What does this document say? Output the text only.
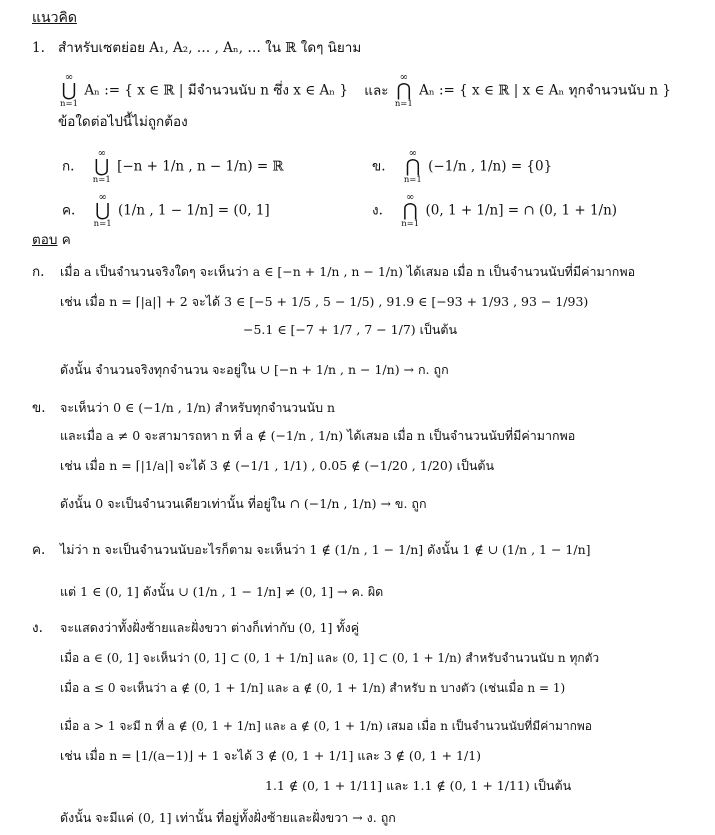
แนวคิด
1. สำหรับเซตย่อย A₁, A₂, … , Aₙ, … ใน ℝ ใดๆ นิยาม
∞
⋃
n=1
Aₙ := { x ∈ ℝ | มีจำนวนนับ n ซึ่ง x ∈ Aₙ } และ
∞
⋂
n=1
Aₙ := { x ∈ ℝ | x ∈ Aₙ ทุกจำนวนนับ n }
ข้อใดต่อไปนี้ไม่ถูกต้อง
ก.
∞
⋃
n=1
[−n + 1/n , n − 1/n) = ℝ	ข.
∞
⋂
n=1
(−1/n , 1/n) = {0}
ค.
∞
⋃
n=1
(1/n , 1 − 1/n] = (0, 1]	ง.
∞
⋂
n=1
(0, 1 + 1/n] = ∩ (0, 1 + 1/n)
ตอบ ค
ก. เมื่อ a เป็นจำนวนจริงใดๆ จะเห็นว่า a ∈ [−n + 1/n , n − 1/n) ได้เสมอ เมื่อ n เป็นจำนวนนับที่มีค่ามากพอ
เช่น เมื่อ n = ⌈|a|⌉ + 2 จะได้ 3 ∈ [−5 + 1/5 , 5 − 1/5) , 91.9 ∈ [−93 + 1/93 , 93 − 1/93)
−5.1 ∈ [−7 + 1/7 , 7 − 1/7) เป็นต้น
ดังนั้น จำนวนจริงทุกจำนวน จะอยู่ใน ∪ [−n + 1/n , n − 1/n) → ก. ถูก
ข. จะเห็นว่า 0 ∈ (−1/n , 1/n) สำหรับทุกจำนวนนับ n
และเมื่อ a ≠ 0 จะสามารถหา n ที่ a ∉ (−1/n , 1/n) ได้เสมอ เมื่อ n เป็นจำนวนนับที่มีค่ามากพอ
เช่น เมื่อ n = ⌈|1/a|⌉ จะได้ 3 ∉ (−1/1 , 1/1) , 0.05 ∉ (−1/20 , 1/20) เป็นต้น
ดังนั้น 0 จะเป็นจำนวนเดียวเท่านั้น ที่อยู่ใน ∩ (−1/n , 1/n) → ข. ถูก
ค. ไม่ว่า n จะเป็นจำนวนนับอะไรก็ตาม จะเห็นว่า 1 ∉ (1/n , 1 − 1/n] ดังนั้น 1 ∉ ∪ (1/n , 1 − 1/n]
แต่ 1 ∈ (0, 1] ดังนั้น ∪ (1/n , 1 − 1/n] ≠ (0, 1] → ค. ผิด
ง. จะแสดงว่าทั้งฝั่งซ้ายและฝั่งขวา ต่างก็เท่ากับ (0, 1] ทั้งคู่
เมื่อ a ∈ (0, 1] จะเห็นว่า (0, 1] ⊂ (0, 1 + 1/n] และ (0, 1] ⊂ (0, 1 + 1/n) สำหรับจำนวนนับ n ทุกตัว
เมื่อ a ≤ 0 จะเห็นว่า a ∉ (0, 1 + 1/n] และ a ∉ (0, 1 + 1/n) สำหรับ n บางตัว (เช่นเมื่อ n = 1)
เมื่อ a > 1 จะมี n ที่ a ∉ (0, 1 + 1/n] และ a ∉ (0, 1 + 1/n) เสมอ เมื่อ n เป็นจำนวนนับที่มีค่ามากพอ
เช่น เมื่อ n = ⌊1/(a−1)⌋ + 1 จะได้ 3 ∉ (0, 1 + 1/1] และ 3 ∉ (0, 1 + 1/1)
1.1 ∉ (0, 1 + 1/11] และ 1.1 ∉ (0, 1 + 1/11) เป็นต้น
ดังนั้น จะมีแค่ (0, 1] เท่านั้น ที่อยู่ทั้งฝั่งซ้ายและฝั่งขวา → ง. ถูก
